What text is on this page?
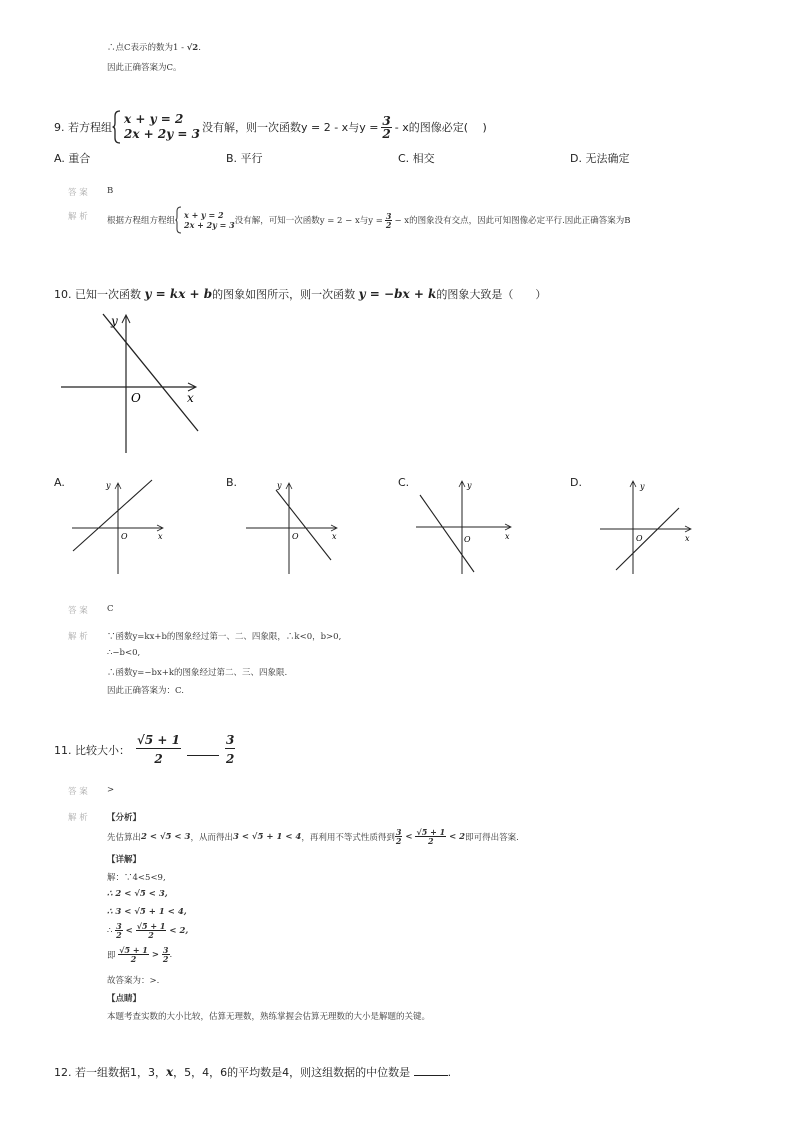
∴点C表示的数为1 - √2.
因此正确答案为C。
9. 若方程组
x + y = 2
2x + 2y = 3 没有解，则一次函数y = 2 - x与$y = \frac{3}{2} - x$的图像必定(　 )
A. 重合	B. 平行	C. 相交	D. 无法确定
答 案 B
解 析 根据方程组方程组
x + y = 2
2x + 2y = 3 没有解，可知一次函数y = 2 − x与$y = \frac{3}{2} - x$的图象没有交点，因此可知图像必定平行.因此正确答案为B
10. 已知一次函数 y = kx + b的图象如图所示，则一次函数 y = −bx + k的图象大致是（　　）
y
x
O
A.	y
x
O
B.	y
x
O
C.	y
x
O
D.	y
x
O
答 案 C
解 析 ∵函数y=kx+b的图象经过第一、二、四象限，∴k<0，b>0,
∴−b<0,
∴函数y=−bx+k的图象经过第二、三、四象限.
因此正确答案为：C.
11. 比较大小： $\frac{√5 + 1}{2}$	$\frac{3}{2}$
答 案 >
解 析 【分析】
先估算出 2 < √5 < 3 ，从而得出 3 < √5 + 1 < 4 ，再利用不等式性质得到 $\frac{3}{2} < \frac{√5 + 1}{2} < 2$ 即可得出答案.
【详解】
解：∵4<5<9,
∴ 2 < √5 < 3,
∴ 3 < √5 + 1 < 4,
∴ $\frac{3}{2} < \frac{√5 + 1}{2} < 2$,
即 $\frac{√5 + 1}{2} > \frac{3}{2}$ .
故答案为：>.
【点睛】
本题考查实数的大小比较，估算无理数，熟练掌握会估算无理数的大小是解题的关键。
12. 若一组数据1，3，x，5，4，6的平均数是4，则这组数据的中位数是	.
